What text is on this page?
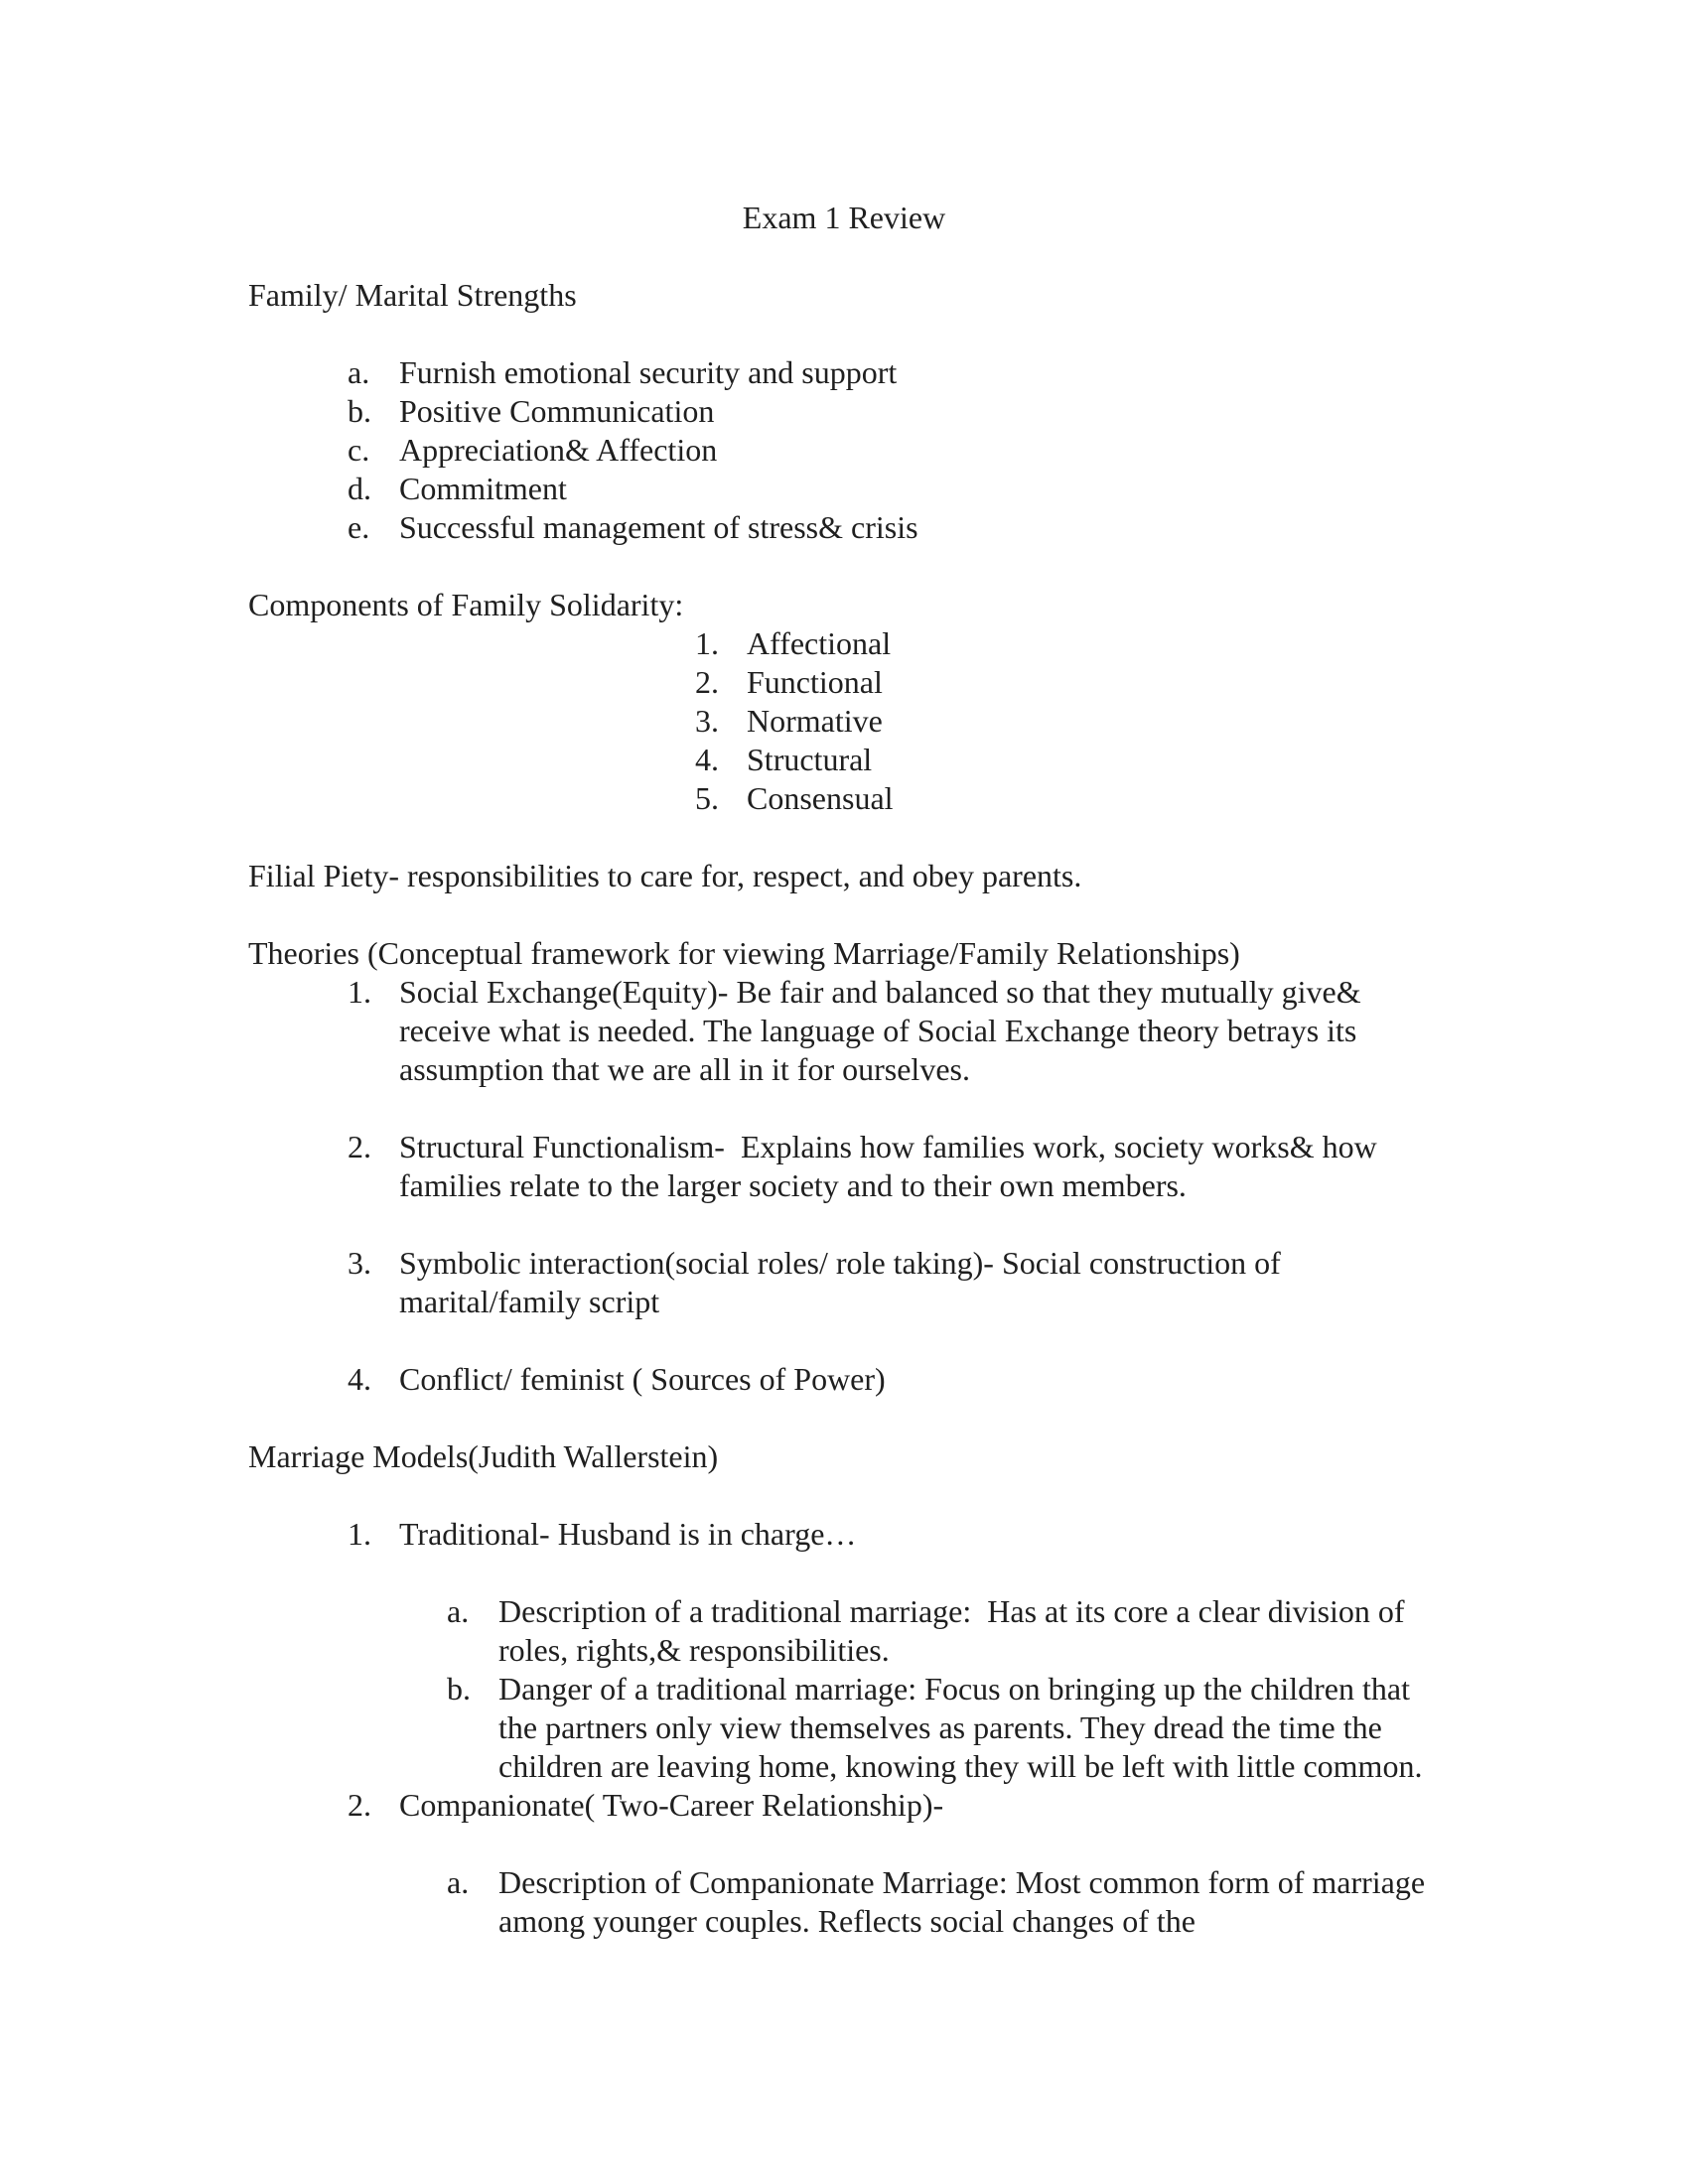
Exam 1 Review
Family/ Marital Strengths
a. Furnish emotional security and support
b. Positive Communication
c. Appreciation& Affection
d. Commitment
e. Successful management of stress& crisis
Components of Family Solidarity:
1. Affectional
2. Functional
3. Normative
4. Structural
5. Consensual
Filial Piety- responsibilities to care for, respect, and obey parents.
Theories (Conceptual framework for viewing Marriage/Family Relationships)
1. Social Exchange(Equity)- Be fair and balanced so that they mutually give& receive what is needed. The language of Social Exchange theory betrays its assumption that we are all in it for ourselves.
2. Structural Functionalism-  Explains how families work, society works& how families relate to the larger society and to their own members.
3. Symbolic interaction(social roles/ role taking)- Social construction of marital/family script
4. Conflict/ feminist ( Sources of Power)
Marriage Models(Judith Wallerstein)
1. Traditional- Husband is in charge…
a. Description of a traditional marriage:  Has at its core a clear division of roles, rights,& responsibilities.
b. Danger of a traditional marriage: Focus on bringing up the children that the partners only view themselves as parents. They dread the time the children are leaving home, knowing they will be left with little common.
2. Companionate( Two-Career Relationship)-
a. Description of Companionate Marriage: Most common form of marriage among younger couples. Reflects social changes of the
